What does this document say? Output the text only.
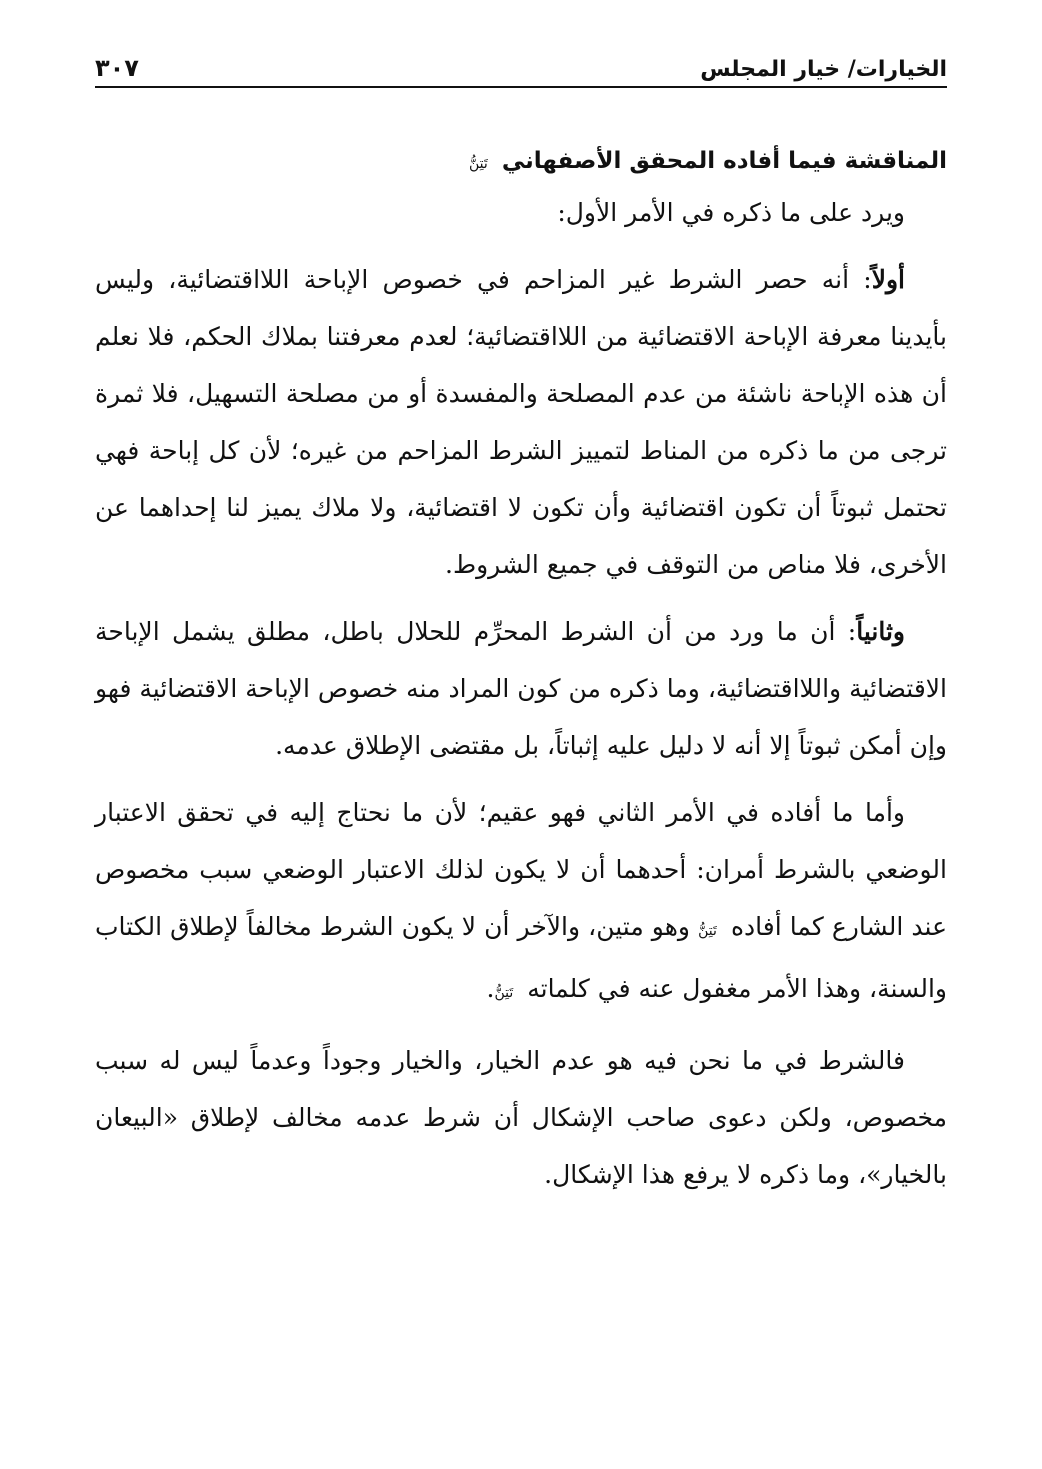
الخيارات/ خيار المجلس
٣٠٧
المناقشة فيما أفاده المحقق الأصفهاني تَتِنُّ

ويرد على ما ذكره في الأمر الأول:

أولاً: أنه حصر الشرط غير المزاحم في خصوص الإباحة اللااقتضائية، وليس بأيدينا معرفة الإباحة الاقتضائية من اللااقتضائية؛ لعدم معرفتنا بملاك الحكم، فلا نعلم أن هذه الإباحة ناشئة من عدم المصلحة والمفسدة أو من مصلحة التسهيل، فلا ثمرة ترجى من ما ذكره من المناط لتمييز الشرط المزاحم من غيره؛ لأن كل إباحة فهي تحتمل ثبوتاً أن تكون اقتضائية وأن تكون لا اقتضائية، ولا ملاك يميز لنا إحداهما عن الأخرى، فلا مناص من التوقف في جميع الشروط.

وثانياً: أن ما ورد من أن الشرط المحرِّم للحلال باطل، مطلق يشمل الإباحة الاقتضائية واللااقتضائية، وما ذكره من كون المراد منه خصوص الإباحة الاقتضائية فهو وإن أمكن ثبوتاً إلا أنه لا دليل عليه إثباتاً، بل مقتضى الإطلاق عدمه.

وأما ما أفاده في الأمر الثاني فهو عقيم؛ لأن ما نحتاج إليه في تحقق الاعتبار الوضعي بالشرط أمران: أحدهما أن لا يكون لذلك الاعتبار الوضعي سبب مخصوص عند الشارع كما أفاده تَتِنُّ وهو متين، والآخر أن لا يكون الشرط مخالفاً لإطلاق الكتاب والسنة، وهذا الأمر مغفول عنه في كلماته تَتِنُّ.

فالشرط في ما نحن فيه هو عدم الخيار، والخيار وجوداً وعدماً ليس له سبب مخصوص، ولكن دعوى صاحب الإشكال أن شرط عدمه مخالف لإطلاق «البيعان بالخيار»، وما ذكره لا يرفع هذا الإشكال.
